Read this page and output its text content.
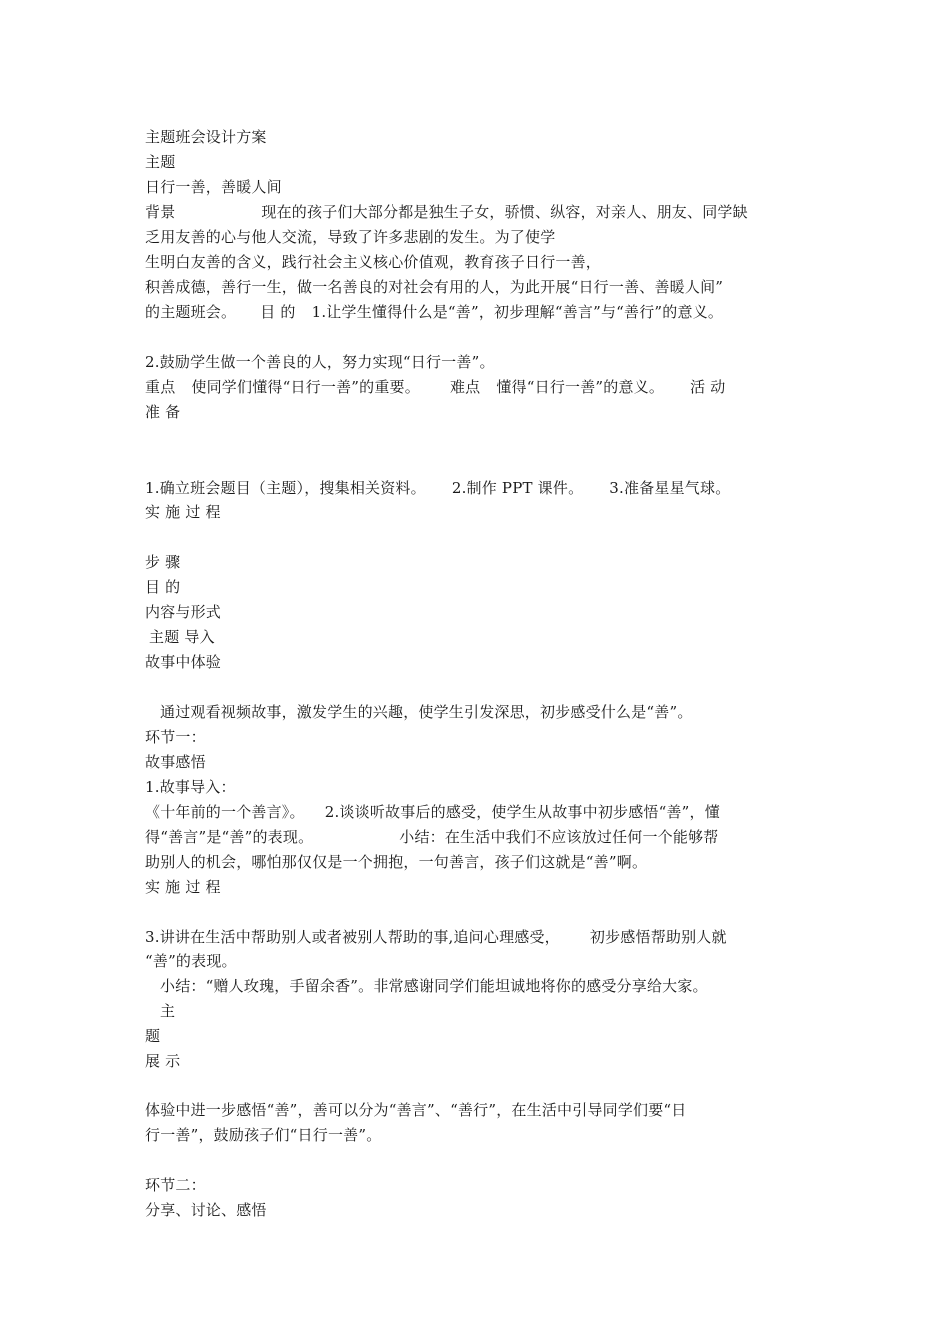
主题班会设计方案
主题
日行一善，善暖人间
背景	现在的孩子们大部分都是独生子女，骄惯、纵容，对亲人、朋友、同学缺
乏用友善的心与他人交流，导致了许多悲剧的发生。为了使学
生明白友善的含义，践行社会主义核心价值观，教育孩子日行一善，
积善成德，善行一生，做一名善良的对社会有用的人，为此开展“日行一善、善暖人间”
的主题班会。 目 的 1.让学生懂得什么是“善”，初步理解“善言”与“善行”的意义。
2.鼓励学生做一个善良的人，努力实现“日行一善”。
重点 使同学们懂得“日行一善”的重要。 难点 懂得“日行一善”的意义。 活 动
准 备
1.确立班会题目（主题），搜集相关资料。 2.制作 PPT 课件。 3.准备星星气球。
实 施 过 程
步 骤
目 的
内容与形式
主题 导入
故事中体验
通过观看视频故事，激发学生的兴趣，使学生引发深思，初步感受什么是“善”。
环节一：
故事感悟
1.故事导入：
《十年前的一个善言》。 2.谈谈听故事后的感受，使学生从故事中初步感悟“善”，懂
得“善言”是“善”的表现。	小结：在生活中我们不应该放过任何一个能够帮
助别人的机会，哪怕那仅仅是一个拥抱，一句善言，孩子们这就是“善”啊。
实 施 过 程
3.讲讲在生活中帮助别人或者被别人帮助的事,追问心理感受， 初步感悟帮助别人就
“善”的表现。
小结：“赠人玫瑰，手留余香”。非常感谢同学们能坦诚地将你的感受分享给大家。
主
题
展 示
体验中进一步感悟“善”，善可以分为“善言”、“善行”，在生活中引导同学们要“日
行一善”，鼓励孩子们“日行一善”。
环节二：
分享、讨论、感悟
